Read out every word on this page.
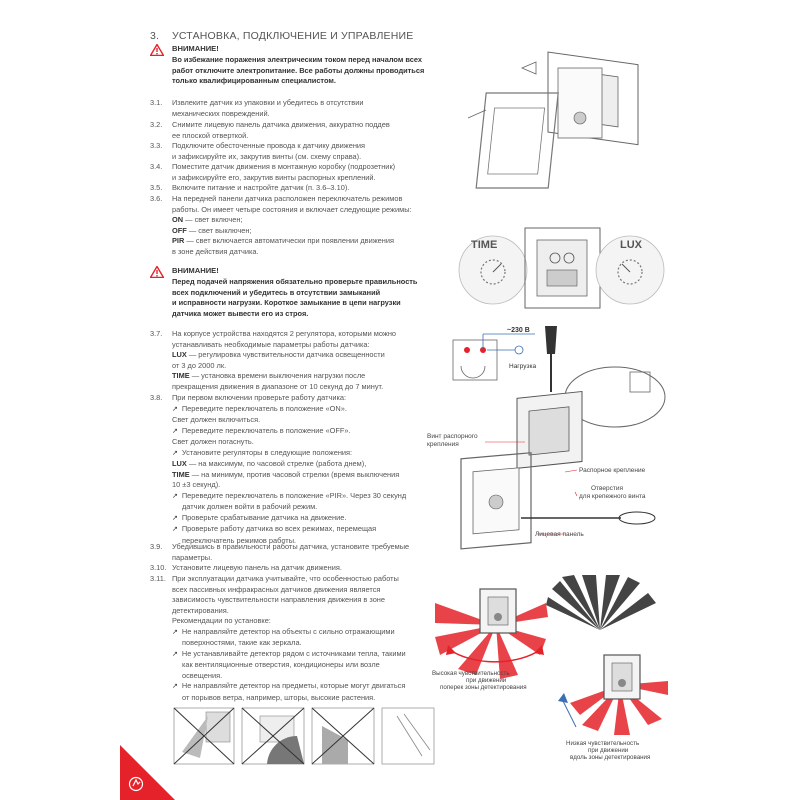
3. УСТАНОВКА, ПОДКЛЮЧЕНИЕ И УПРАВЛЕНИЕ
ВНИМАНИЕ!
Во избежание поражения электрическим током перед началом всех
работ отключите электропитание. Все работы должны проводиться
только квалифицированным специалистом.
3.1.	Извлеките датчик из упаковки и убедитесь в отсутствии
механических повреждений.
3.2.	Снимите лицевую панель датчика движения, аккуратно поддев
ее плоской отверткой.
3.3.	Подключите обесточенные провода к датчику движения
и зафиксируйте их, закрутив винты (см. схему справа).
3.4.	Поместите датчик движения в монтажную коробку (подрозетник)
и зафиксируйте его, закрутив винты распорных креплений.
3.5.	Включите питание и настройте датчик (п. 3.6–3.10).
3.6.	На передней панели датчика расположен переключатель режимов
работы. Он имеет четыре состояния и включает следующие режимы:
ON — свет включен;
OFF — свет выключен;
PIR — свет включается автоматически при появлении движения
в зоне действия датчика.
ВНИМАНИЕ!
Перед подачей напряжения обязательно проверьте правильность
всех подключений и убедитесь в отсутствии замыканий
и исправности нагрузки. Короткое замыкание в цепи нагрузки
датчика может вывести его из строя.
3.7.	На корпусе устройства находятся 2 регулятора, которыми можно
устанавливать необходимые параметры работы датчика:
LUX — регулировка чувствительности датчика освещенности
от 3 до 2000 лк.
TIME — установка времени выключения нагрузки после
прекращения движения в диапазоне от 10 секунд до 7 минут.
3.8.	При первом включении проверьте работу датчика:
↗ Переведите переключатель в положение «ON».
Свет должен включиться.
↗ Переведите переключатель в положение «OFF».
Свет должен погаснуть.
↗ Установите регуляторы в следующие положения:
LUX — на максимум, по часовой стрелке (работа днем),
TIME — на минимум, против часовой стрелки (время выключения
10 ±3 секунд).
↗ Переведите переключатель в положение «PIR». Через 30 секунд
датчик должен войти в рабочий режим.
↗ Проверьте срабатывание датчика на движение.
↗ Проверьте работу датчика во всех режимах, перемещая
переключатель режимов работы.
3.9.	Убедившись в правильности работы датчика, установите требуемые
параметры.
3.10. Установите лицевую панель на датчик движения.
3.11. При эксплуатации датчика учитывайте, что особенностью работы
всех пассивных инфракрасных датчиков движения является
зависимость чувствительности направления движения в зоне
детектирования.
Рекомендации по установке:
↗ Не направляйте детектор на объекты с сильно отражающими
поверхностями, такие как зеркала.
↗ Не устанавливайте детектор рядом с источниками тепла, такими
как вентиляционные отверстия, кондиционеры или возле
освещения.
↗ Не направляйте детектор на предметы, которые могут двигаться
от порывов ветра, например, шторы, высокие растения.
TIME	LUX
~230 В
Нагрузка
Винт распорного крепления
Распорное крепление
Отверстия для крепежного винта
Лицевая панель
Высокая чувствительность при движении поперек зоны детектирования
Низкая чувствительность при движении вдоль зоны детектирования
